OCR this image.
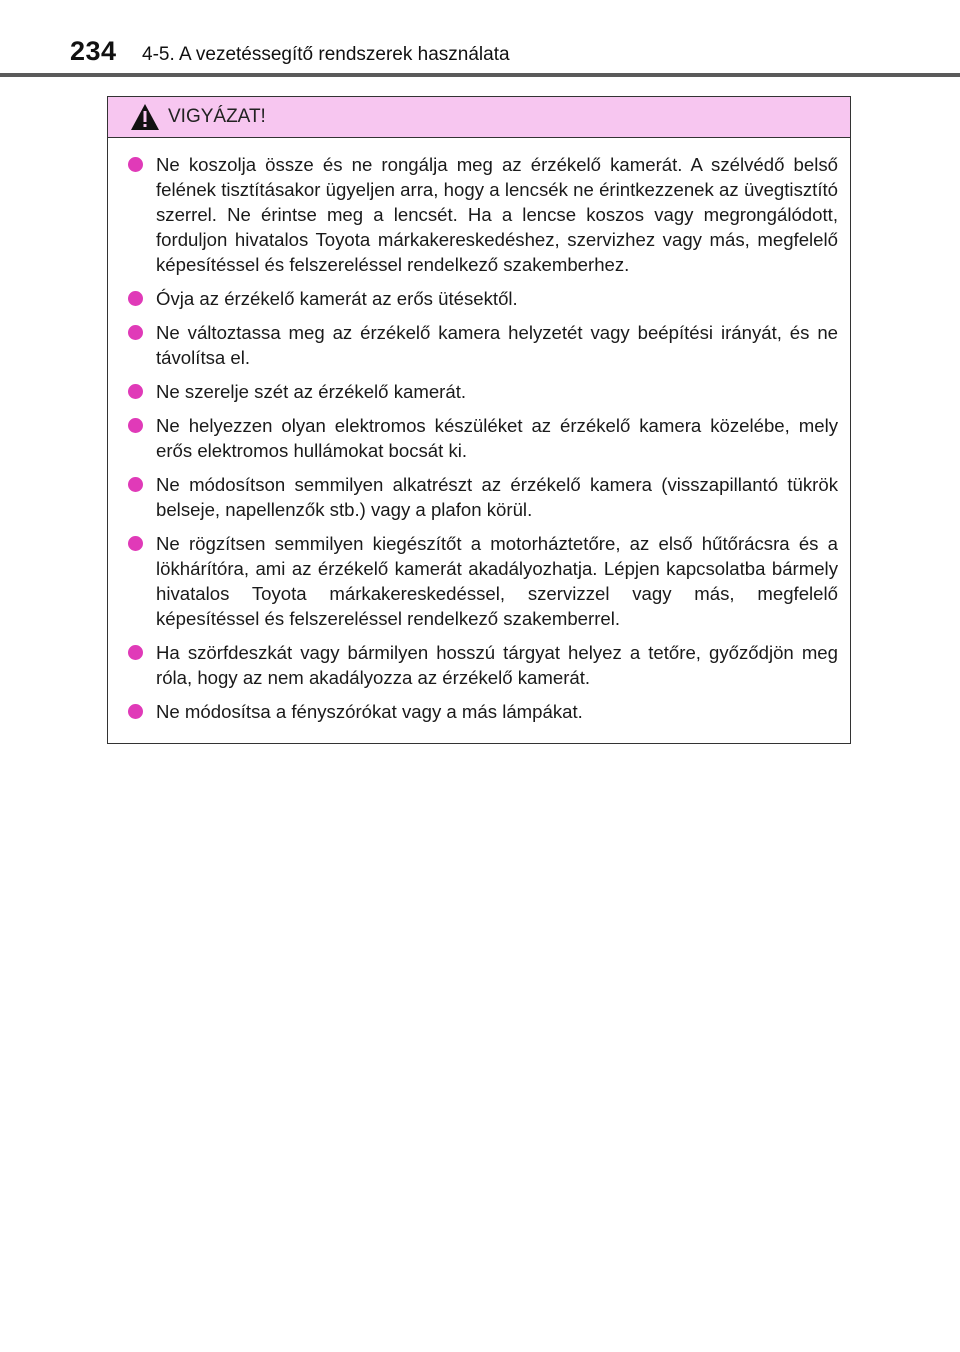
234 4-5. A vezetéssegítő rendszerek használata
VIGYÁZAT!
Ne koszolja össze és ne rongálja meg az érzékelő kamerát. A szélvédő belső felének tisztításakor ügyeljen arra, hogy a lencsék ne érintkezzenek az üvegtisztító szerrel. Ne érintse meg a lencsét. Ha a lencse koszos vagy megrongálódott, forduljon hivatalos Toyota márkakereskedéshez, szervizhez vagy más, megfelelő képesítéssel és felszereléssel rendelkező szakemberhez.
Óvja az érzékelő kamerát az erős ütésektől.
Ne változtassa meg az érzékelő kamera helyzetét vagy beépítési irányát, és ne távolítsa el.
Ne szerelje szét az érzékelő kamerát.
Ne helyezzen olyan elektromos készüléket az érzékelő kamera közelébe, mely erős elektromos hullámokat bocsát ki.
Ne módosítson semmilyen alkatrészt az érzékelő kamera (visszapillantó tükrök belseje, napellenzők stb.) vagy a plafon körül.
Ne rögzítsen semmilyen kiegészítőt a motorháztetőre, az első hűtőrácsra és a lökhárítóra, ami az érzékelő kamerát akadályozhatja. Lépjen kapcsolatba bármely hivatalos Toyota márkakereskedéssel, szervizzel vagy más, megfelelő képesítéssel és felszereléssel rendelkező szakemberrel.
Ha szörfdeszkát vagy bármilyen hosszú tárgyat helyez a tetőre, győződjön meg róla, hogy az nem akadályozza az érzékelő kamerát.
Ne módosítsa a fényszórókat vagy a más lámpákat.
